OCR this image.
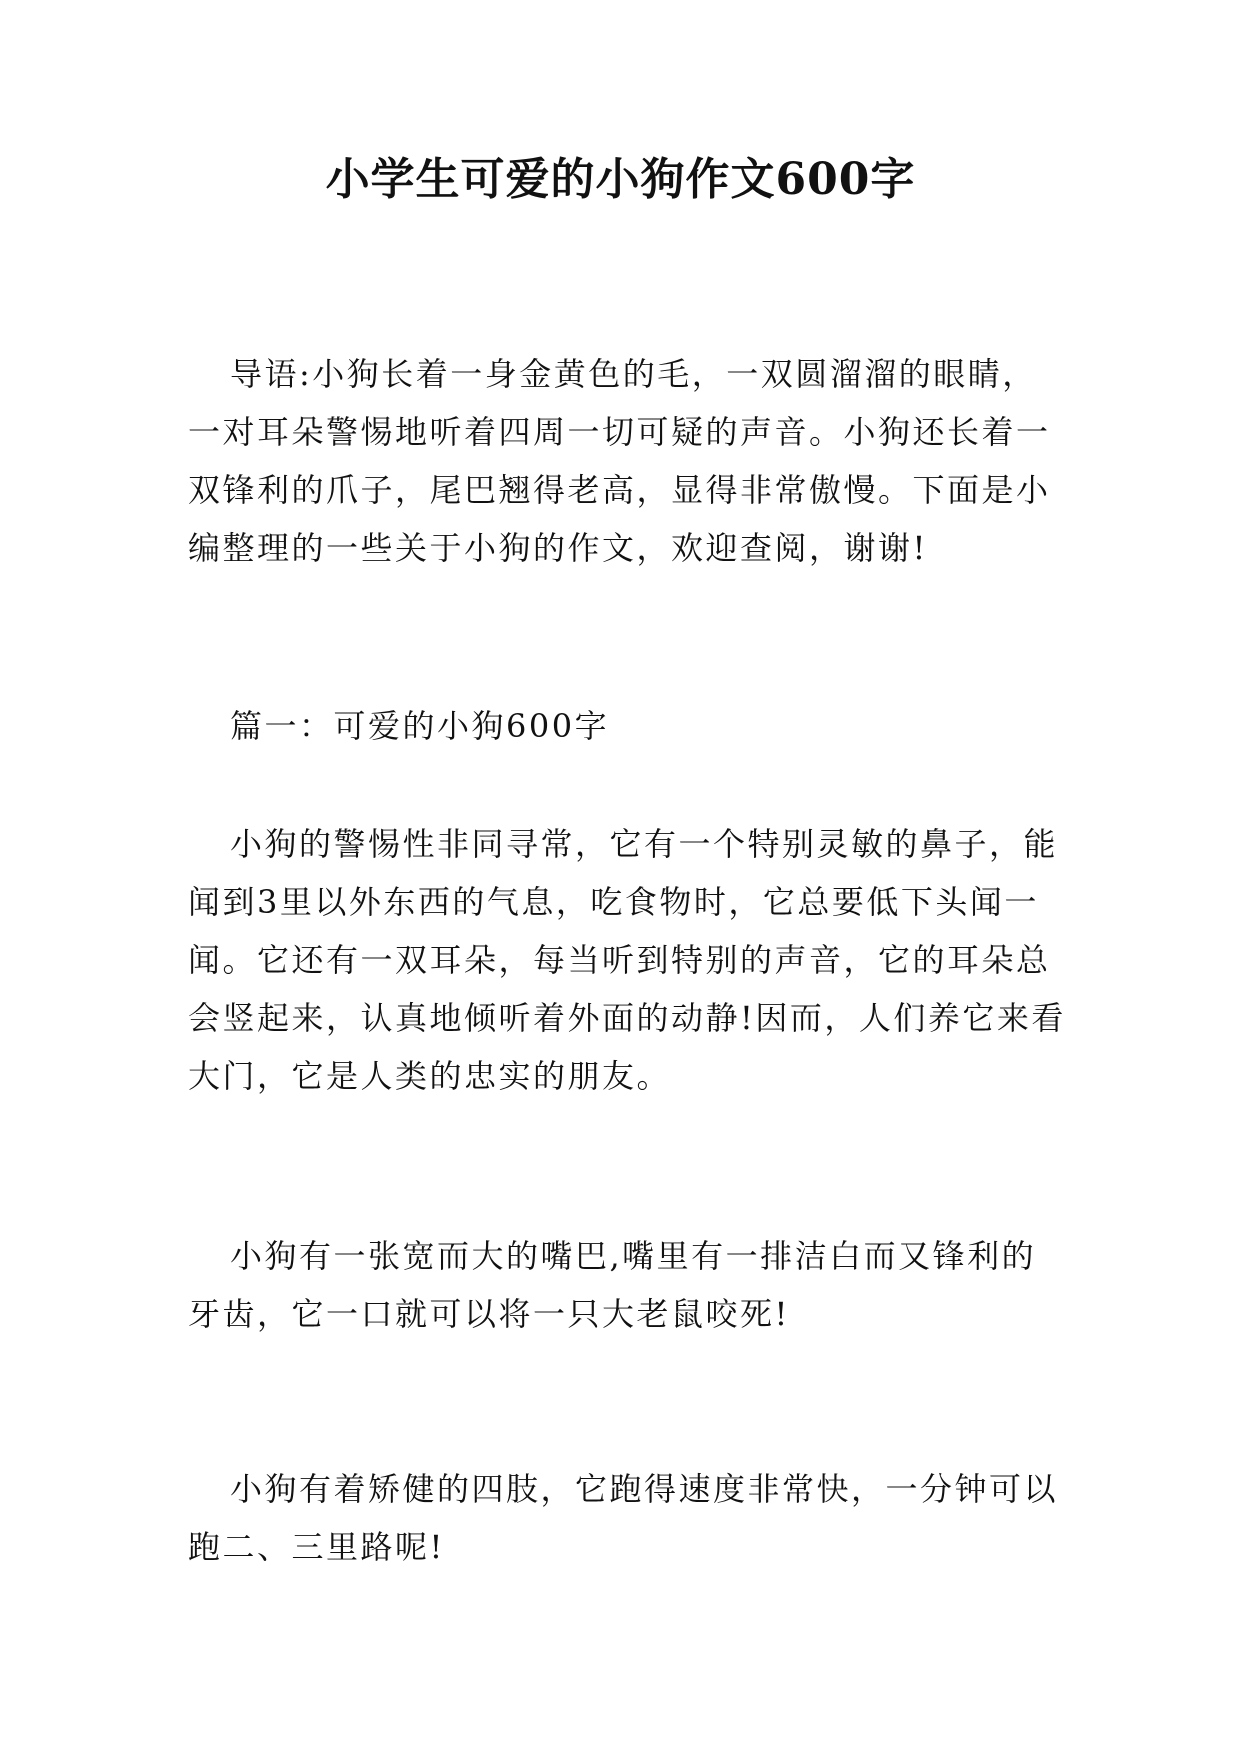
小学生可爱的小狗作文600字

导语:小狗长着一身金黄色的毛，一双圆溜溜的眼睛，一对耳朵警惕地听着四周一切可疑的声音。小狗还长着一双锋利的爪子，尾巴翘得老高，显得非常傲慢。下面是小编整理的一些关于小狗的作文，欢迎查阅，谢谢!

篇一：可爱的小狗600字

小狗的警惕性非同寻常，它有一个特别灵敏的鼻子，能闻到3里以外东西的气息，吃食物时，它总要低下头闻一闻。它还有一双耳朵，每当听到特别的声音，它的耳朵总会竖起来，认真地倾听着外面的动静!因而，人们养它来看大门，它是人类的忠实的朋友。

小狗有一张宽而大的嘴巴,嘴里有一排洁白而又锋利的牙齿，它一口就可以将一只大老鼠咬死!

小狗有着矫健的四肢，它跑得速度非常快，一分钟可以跑二、三里路呢!
